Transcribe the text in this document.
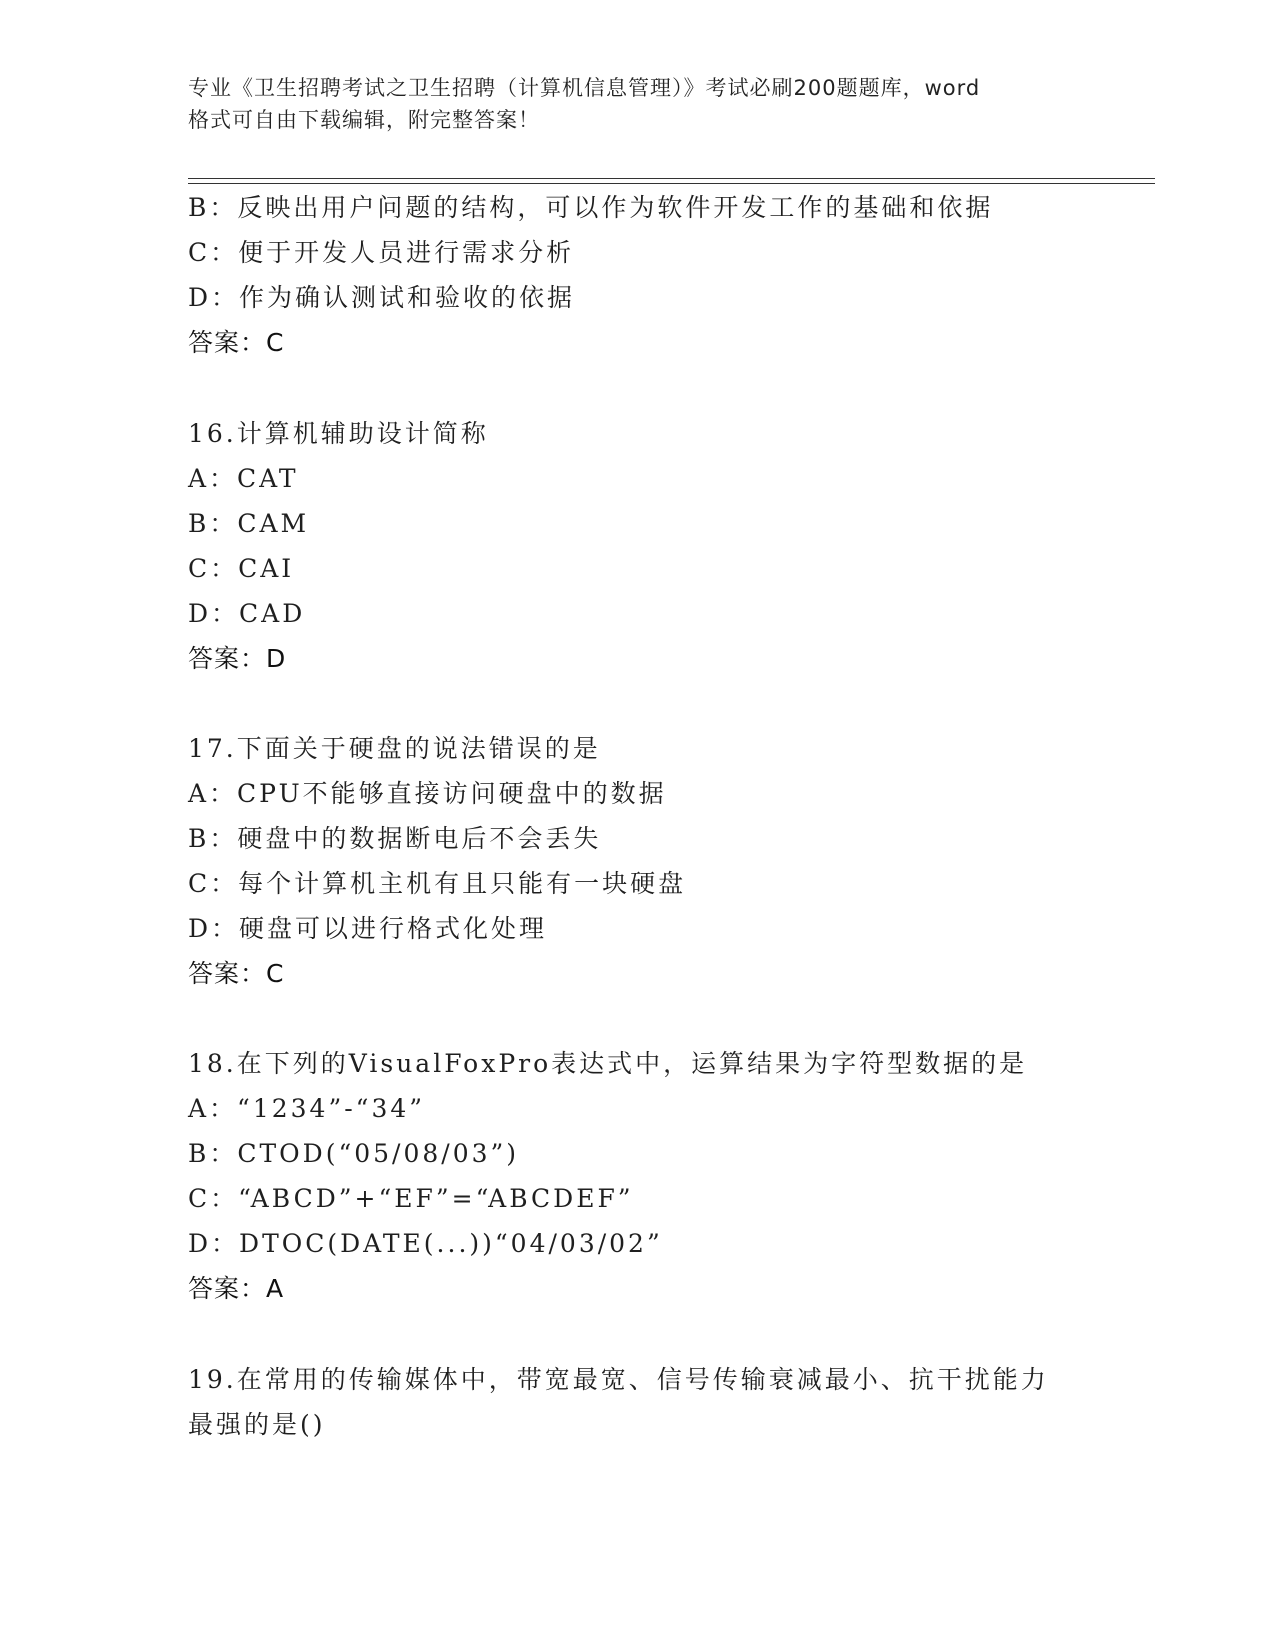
专业《卫生招聘考试之卫生招聘（计算机信息管理）》考试必刷200题题库，word
格式可自由下载编辑，附完整答案！
B：反映出用户问题的结构，可以作为软件开发工作的基础和依据
C：便于开发人员进行需求分析
D：作为确认测试和验收的依据
答案：C
16.计算机辅助设计简称
A：CAT
B：CAM
C：CAI
D：CAD
答案：D
17.下面关于硬盘的说法错误的是
A：CPU不能够直接访问硬盘中的数据
B：硬盘中的数据断电后不会丢失
C：每个计算机主机有且只能有一块硬盘
D：硬盘可以进行格式化处理
答案：C
18.在下列的VisualFoxPro表达式中，运算结果为字符型数据的是
A：“1234”-“34”
B：CTOD(“05/08/03”)
C：“ABCD”+“EF”=“ABCDEF”
D：DTOC(DATE(...))“04/03/02”
答案：A
19.在常用的传输媒体中，带宽最宽、信号传输衰减最小、抗干扰能力
最强的是()
